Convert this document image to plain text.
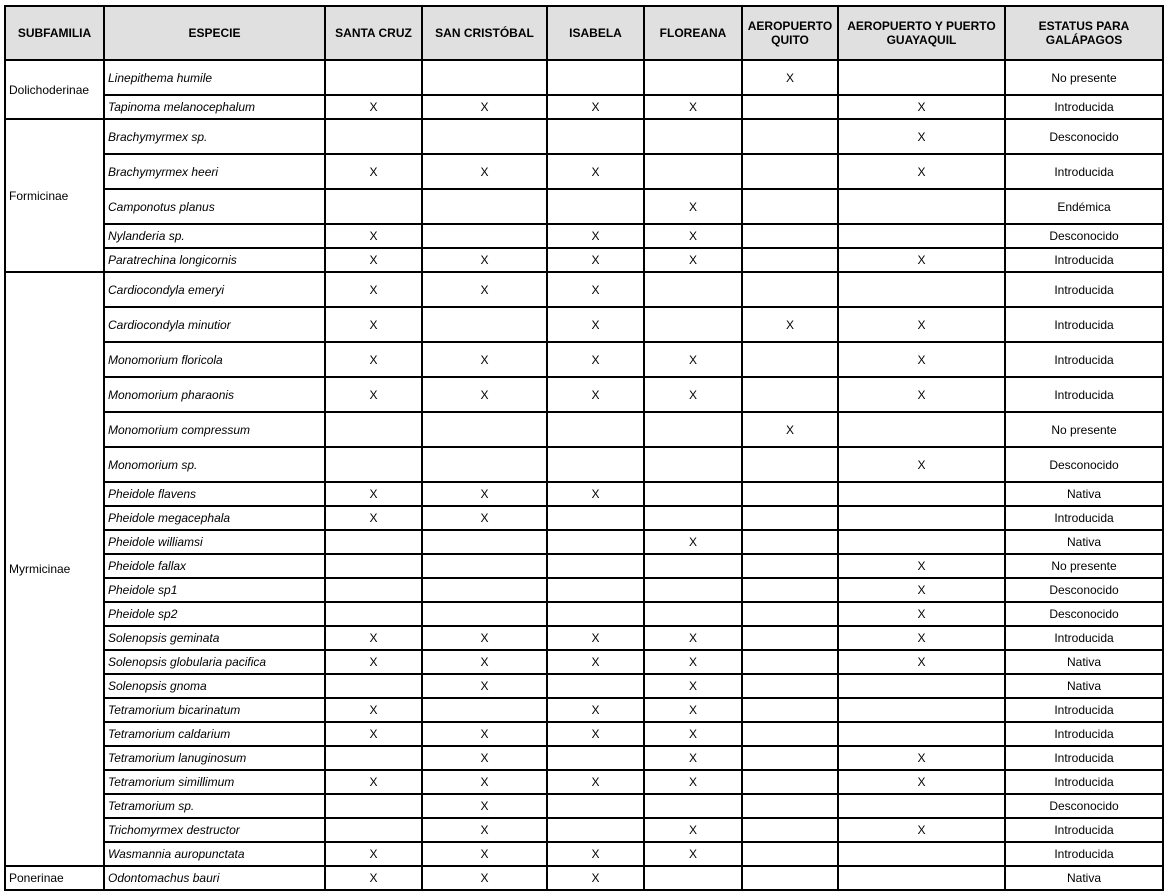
SUBFAMILIA	ESPECIE	SANTA CRUZ	SAN CRISTÓBAL	ISABELA	FLOREANA	AEROPUERTO QUITO	AEROPUERTO Y PUERTO GUAYAQUIL	ESTATUS PARA GALÁPAGOS
Dolichoderinae	Linepithema humile					X		No presente
	Tapinoma melanocephalum	X	X	X	X		X	Introducida
Formicinae	Brachymyrmex sp.						X	Desconocido
	Brachymyrmex heeri	X	X	X			X	Introducida
	Camponotus planus				X			Endémica
	Nylanderia sp.	X		X	X			Desconocido
	Paratrechina longicornis	X	X	X	X		X	Introducida
Myrmicinae	Cardiocondyla emeryi	X	X	X				Introducida
	Cardiocondyla minutior	X		X		X	X	Introducida
	Monomorium floricola	X	X	X	X		X	Introducida
	Monomorium pharaonis	X	X	X	X		X	Introducida
	Monomorium compressum					X		No presente
	Monomorium sp.						X	Desconocido
	Pheidole flavens	X	X	X				Nativa
	Pheidole megacephala	X	X					Introducida
	Pheidole williamsi				X			Nativa
	Pheidole fallax						X	No presente
	Pheidole sp1						X	Desconocido
	Pheidole sp2						X	Desconocido
	Solenopsis geminata	X	X	X	X		X	Introducida
	Solenopsis globularia pacifica	X	X	X	X		X	Nativa
	Solenopsis gnoma		X		X			Nativa
	Tetramorium bicarinatum	X		X	X			Introducida
	Tetramorium caldarium	X	X	X	X			Introducida
	Tetramorium lanuginosum		X		X		X	Introducida
	Tetramorium simillimum	X	X	X	X		X	Introducida
	Tetramorium sp.		X					Desconocido
	Trichomyrmex destructor		X		X		X	Introducida
	Wasmannia auropunctata	X	X	X	X			Introducida
Ponerinae	Odontomachus bauri	X	X	X				Nativa
